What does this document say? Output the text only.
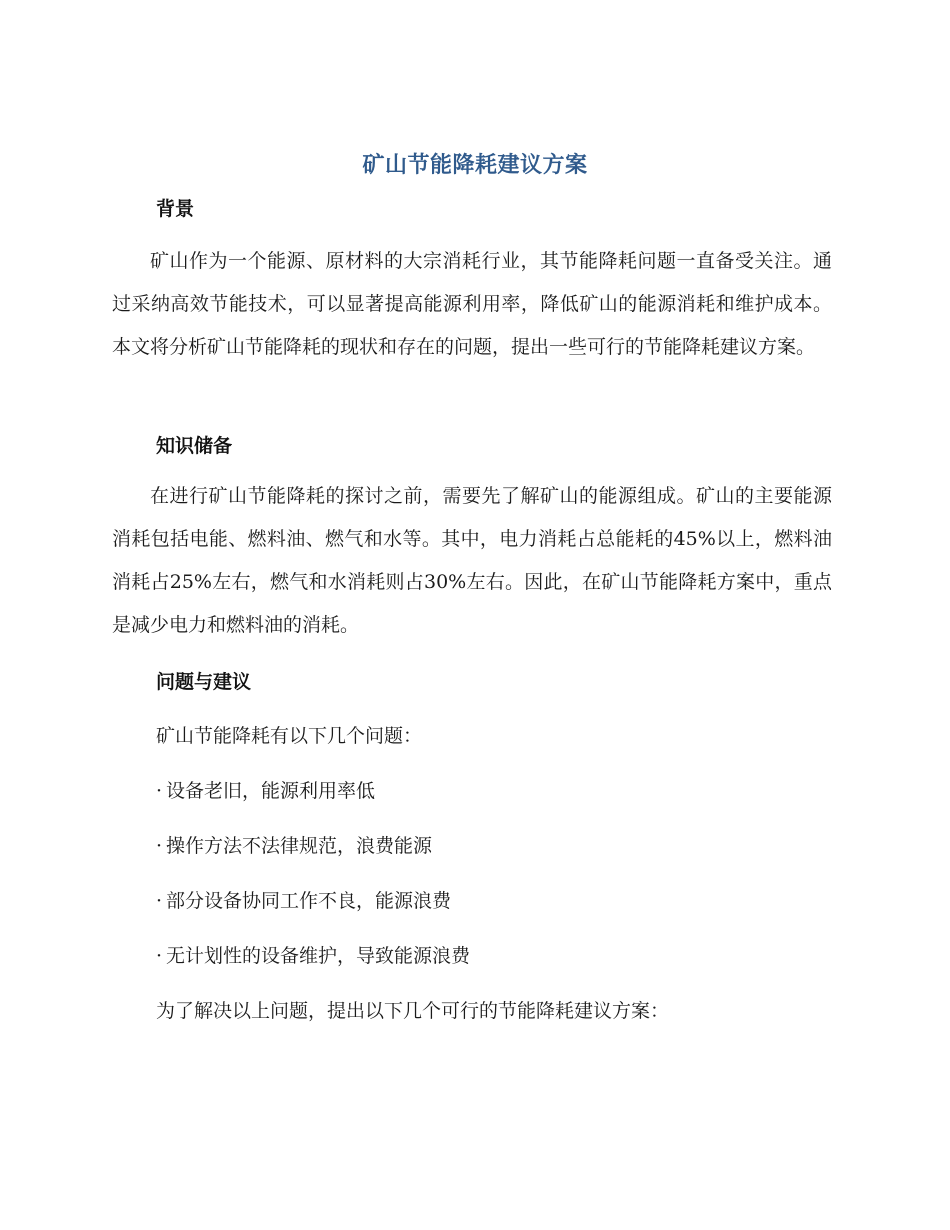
矿山节能降耗建议方案
背景
矿山作为一个能源、原材料的大宗消耗行业，其节能降耗问题一直备受关注。通过采纳高效节能技术，可以显著提高能源利用率，降低矿山的能源消耗和维护成本。本文将分析矿山节能降耗的现状和存在的问题，提出一些可行的节能降耗建议方案。
知识储备
在进行矿山节能降耗的探讨之前，需要先了解矿山的能源组成。矿山的主要能源消耗包括电能、燃料油、燃气和水等。其中，电力消耗占总能耗的45%以上，燃料油消耗占25%左右，燃气和水消耗则占30%左右。因此，在矿山节能降耗方案中，重点是减少电力和燃料油的消耗。
问题与建议
矿山节能降耗有以下几个问题：
· 设备老旧，能源利用率低
· 操作方法不法律规范，浪费能源
· 部分设备协同工作不良，能源浪费
· 无计划性的设备维护，导致能源浪费
为了解决以上问题，提出以下几个可行的节能降耗建议方案：
